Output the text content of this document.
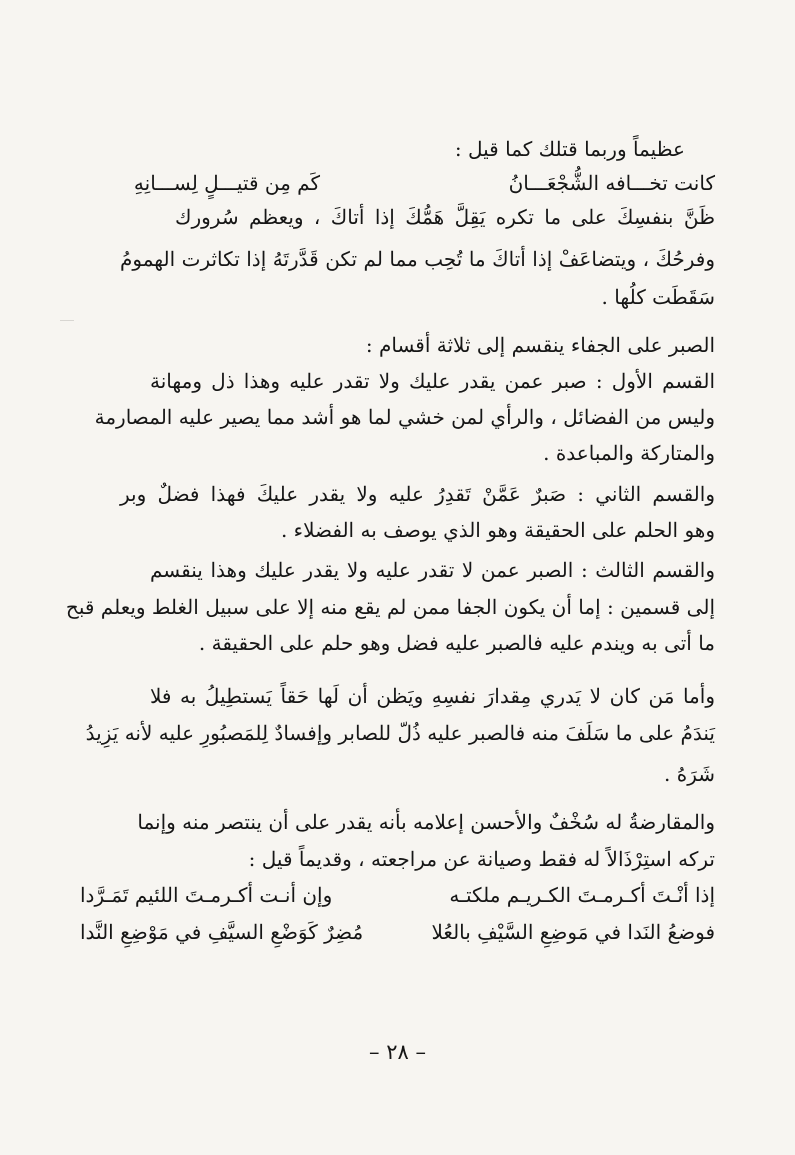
عظيماً وربما قتلك كما قيل :
كَم مِن قتيـــلٍ لِســـانِهِ	كانت تخـــافه الشُّجْعَـــانُ
ظَنَّ بنفسِكَ على ما تكره يَقِلَّ هَمُّكَ إذا أتاكَ ، ويعظم سُرورك
وفرحُكَ ، ويتضاعَفْ إذا أتاكَ ما تُحِب مما لم تكن قَدَّرتَهُ إذا تكاثرت الهمومُ
سَقَطَت كلُها .
الصبر على الجفاء ينقسم إلى ثلاثة أقسام :
القسم الأول : صبر عمن يقدر عليك ولا تقدر عليه وهذا ذل ومهانة
وليس من الفضائل ، والرأي لمن خشي لما هو أشد مما يصير عليه المصارمة
والمتاركة والمباعدة .
والقسم الثاني : صَبرٌ عَمَّنْ تَقدِرُ عليه ولا يقدر عليكَ فهذا فضلٌ وبر
وهو الحلم على الحقيقة وهو الذي يوصف به الفضلاء .
والقسم الثالث : الصبر عمن لا تقدر عليه ولا يقدر عليك وهذا ينقسم
إلى قسمين : إما أن يكون الجفا ممن لم يقع منه إلا على سبيل الغلط ويعلم قبح
ما أتى به ويندم عليه فالصبر عليه فضل وهو حلم على الحقيقة .
وأما مَن كان لا يَدري مِقدارَ نفسِهِ ويَظن أن لَها حَقاً يَستطِيلُ به فلا
يَندَمُ على ما سَلَفَ منه فالصبر عليه ذُلّ للصابر وإفسادٌ لِلمَصبُورِ عليه لأنه يَزِيدُ
شَرَهُ .
والمقارضةُ له سُخْفٌ والأحسن إعلامه بأنه يقدر على أن ينتصر منه وإنما
تركه استِرْذَالاً له فقط وصيانة عن مراجعته ، وقديماً قيل :
إذا أنْـتَ أكـرمـتَ الكـريـم ملكتـه
وإن أنـت أكـرمـتَ اللئيم تَمَـرَّدا
فوضعُ النَدا في مَوضِعِ السَّيْفِ بالعُلا
مُضِرٌ كَوَضْعِ السيَّفِ في مَوْضِعِ النَّدا
– ٢٨ –
